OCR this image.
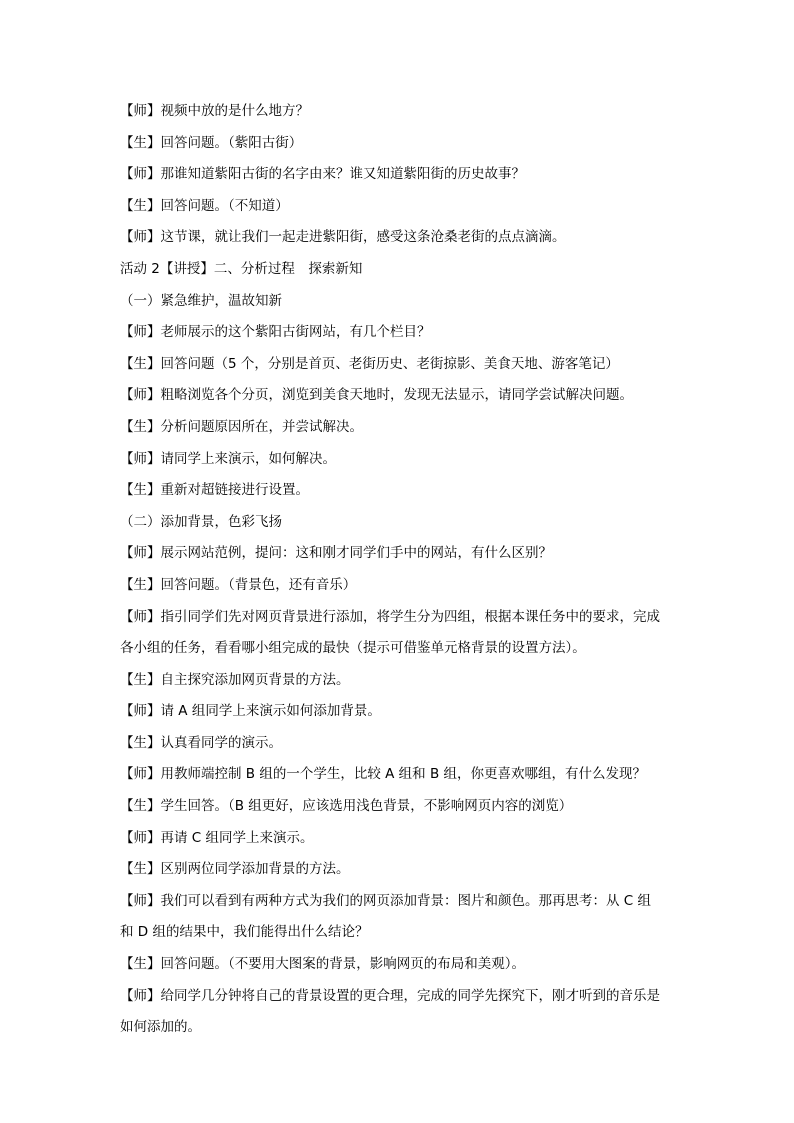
【师】视频中放的是什么地方？
【生】回答问题。（紫阳古街）
【师】那谁知道紫阳古街的名字由来？谁又知道紫阳街的历史故事？
【生】回答问题。（不知道）
【师】这节课，就让我们一起走进紫阳街，感受这条沧桑老街的点点滴滴。
活动 2【讲授】二、分析过程　探索新知
（一）紧急维护，温故知新
【师】老师展示的这个紫阳古街网站，有几个栏目？
【生】回答问题（5 个，分别是首页、老街历史、老街掠影、美食天地、游客笔记）
【师】粗略浏览各个分页，浏览到美食天地时，发现无法显示，请同学尝试解决问题。
【生】分析问题原因所在，并尝试解决。
【师】请同学上来演示，如何解决。
【生】重新对超链接进行设置。
（二）添加背景，色彩飞扬
【师】展示网站范例，提问：这和刚才同学们手中的网站，有什么区别？
【生】回答问题。（背景色，还有音乐）
【师】指引同学们先对网页背景进行添加，将学生分为四组，根据本课任务中的要求，完成
各小组的任务，看看哪小组完成的最快（提示可借鉴单元格背景的设置方法）。
【生】自主探究添加网页背景的方法。
【师】请 A 组同学上来演示如何添加背景。
【生】认真看同学的演示。
【师】用教师端控制 B 组的一个学生，比较 A 组和 B 组，你更喜欢哪组，有什么发现？
【生】学生回答。（B 组更好，应该选用浅色背景，不影响网页内容的浏览）
【师】再请 C 组同学上来演示。
【生】区别两位同学添加背景的方法。
【师】我们可以看到有两种方式为我们的网页添加背景：图片和颜色。那再思考：从 C 组
和 D 组的结果中，我们能得出什么结论？
【生】回答问题。（不要用大图案的背景，影响网页的布局和美观）。
【师】给同学几分钟将自己的背景设置的更合理，完成的同学先探究下，刚才听到的音乐是
如何添加的。
